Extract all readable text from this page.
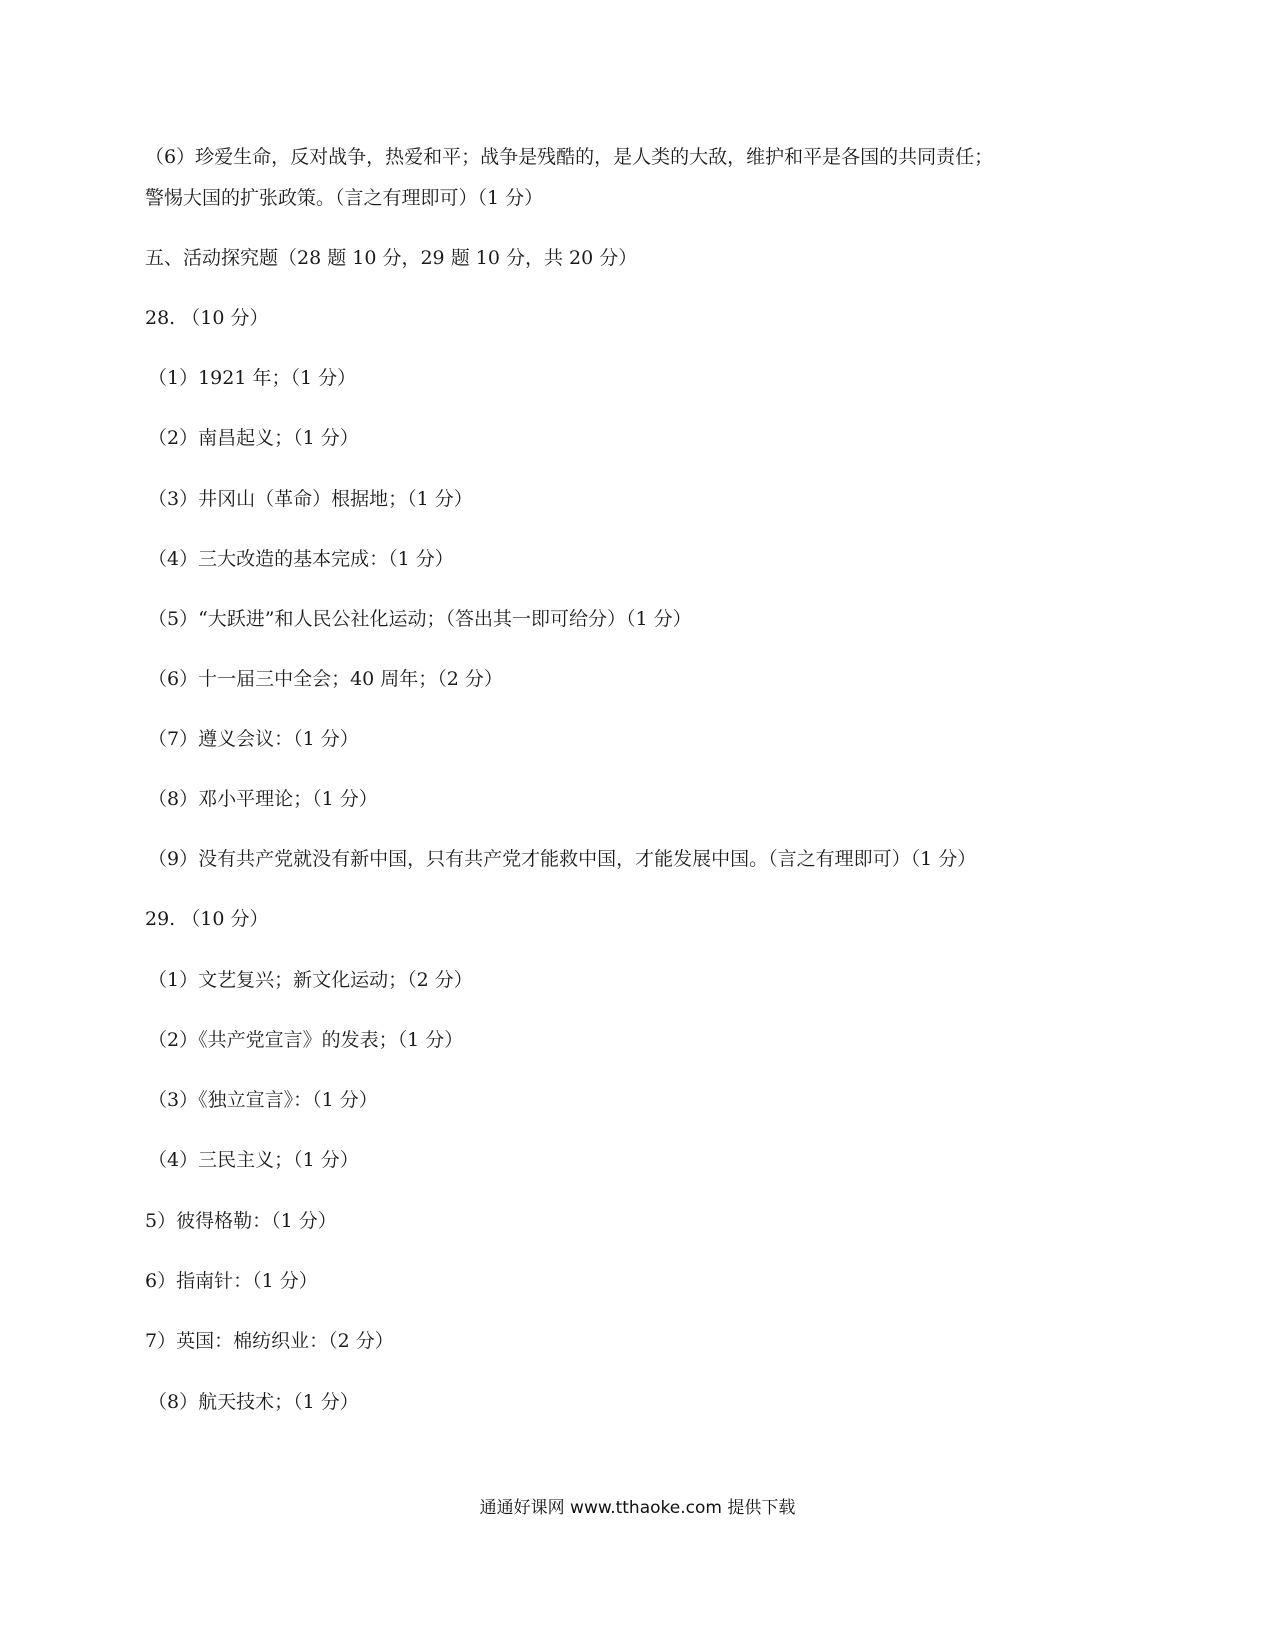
（6）珍爱生命，反对战争，热爱和平；战争是残酷的，是人类的大敌，维护和平是各国的共同责任；
警惕大国的扩张政策。（言之有理即可）（1 分）
五、活动探究题（28 题 10 分，29 题 10 分，共 20 分）
28. （10 分）
（1）1921 年；（1 分）
（2）南昌起义；（1 分）
（3）井冈山（革命）根据地；（1 分）
（4）三大改造的基本完成：（1 分）
（5）“大跃进”和人民公社化运动；（答出其一即可给分）（1 分）
（6）十一届三中全会；40 周年；（2 分）
（7）遵义会议：（1 分）
（8）邓小平理论；（1 分）
（9）没有共产党就没有新中国，只有共产党才能救中国，才能发展中国。（言之有理即可）（1 分）
29. （10 分）
（1）文艺复兴；新文化运动；（2 分）
（2）《共产党宣言》的发表；（1 分）
（3）《独立宣言》：（1 分）
（4）三民主义；（1 分）
5）彼得格勒：（1 分）
6）指南针：（1 分）
7）英国：棉纺织业：（2 分）
（8）航天技术；（1 分）
通通好课网 www.tthaoke.com 提供下载
